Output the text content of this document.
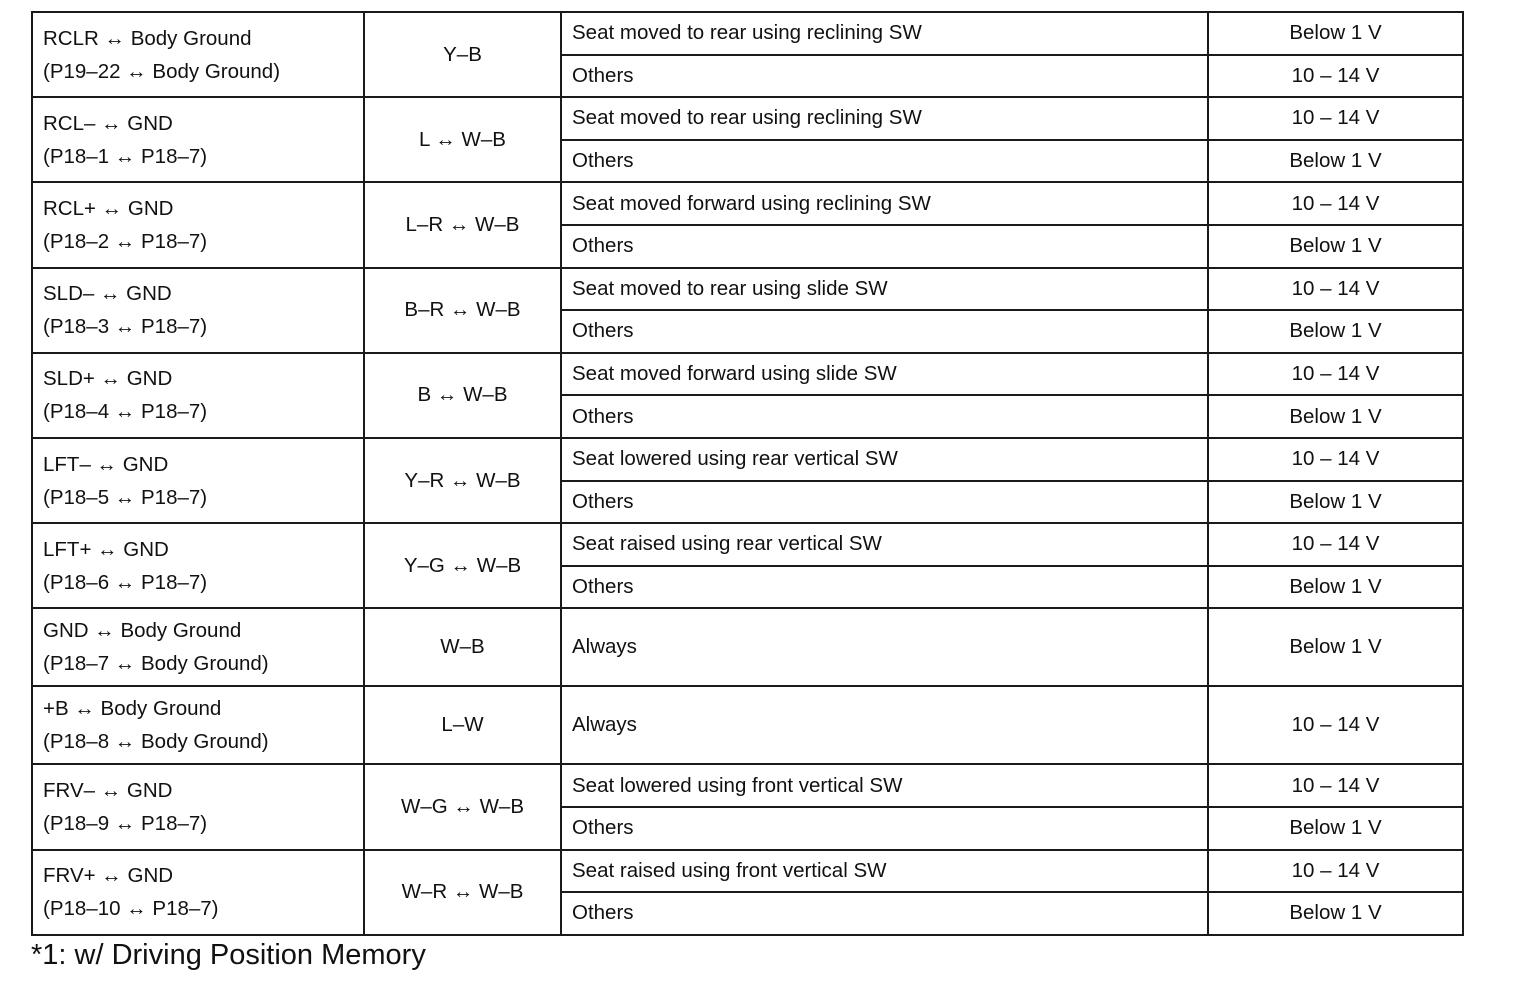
RCLR ↔ Body Ground
(P19–22 ↔ Body Ground)	Y–B	Seat moved to rear using reclining SW	Below 1 V
		Others	10 – 14 V

RCL– ↔ GND
(P18–1 ↔ P18–7)	L ↔ W–B	Seat moved to rear using reclining SW	10 – 14 V
		Others	Below 1 V

RCL+ ↔ GND
(P18–2 ↔ P18–7)	L–R ↔ W–B	Seat moved forward using reclining SW	10 – 14 V
		Others	Below 1 V

SLD– ↔ GND
(P18–3 ↔ P18–7)	B–R ↔ W–B	Seat moved to rear using slide SW	10 – 14 V
		Others	Below 1 V

SLD+ ↔ GND
(P18–4 ↔ P18–7)	B ↔ W–B	Seat moved forward using slide SW	10 – 14 V
		Others	Below 1 V

LFT– ↔ GND
(P18–5 ↔ P18–7)	Y–R ↔ W–B	Seat lowered using rear vertical SW	10 – 14 V
		Others	Below 1 V

LFT+ ↔ GND
(P18–6 ↔ P18–7)	Y–G ↔ W–B	Seat raised using rear vertical SW	10 – 14 V
		Others	Below 1 V

GND ↔ Body Ground
(P18–7 ↔ Body Ground)	W–B	Always	Below 1 V

+B ↔ Body Ground
(P18–8 ↔ Body Ground)	L–W	Always	10 – 14 V

FRV– ↔ GND
(P18–9 ↔ P18–7)	W–G ↔ W–B	Seat lowered using front vertical SW	10 – 14 V
		Others	Below 1 V

FRV+ ↔ GND
(P18–10 ↔ P18–7)	W–R ↔ W–B	Seat raised using front vertical SW	10 – 14 V
		Others	Below 1 V
*1: w/ Driving Position Memory
